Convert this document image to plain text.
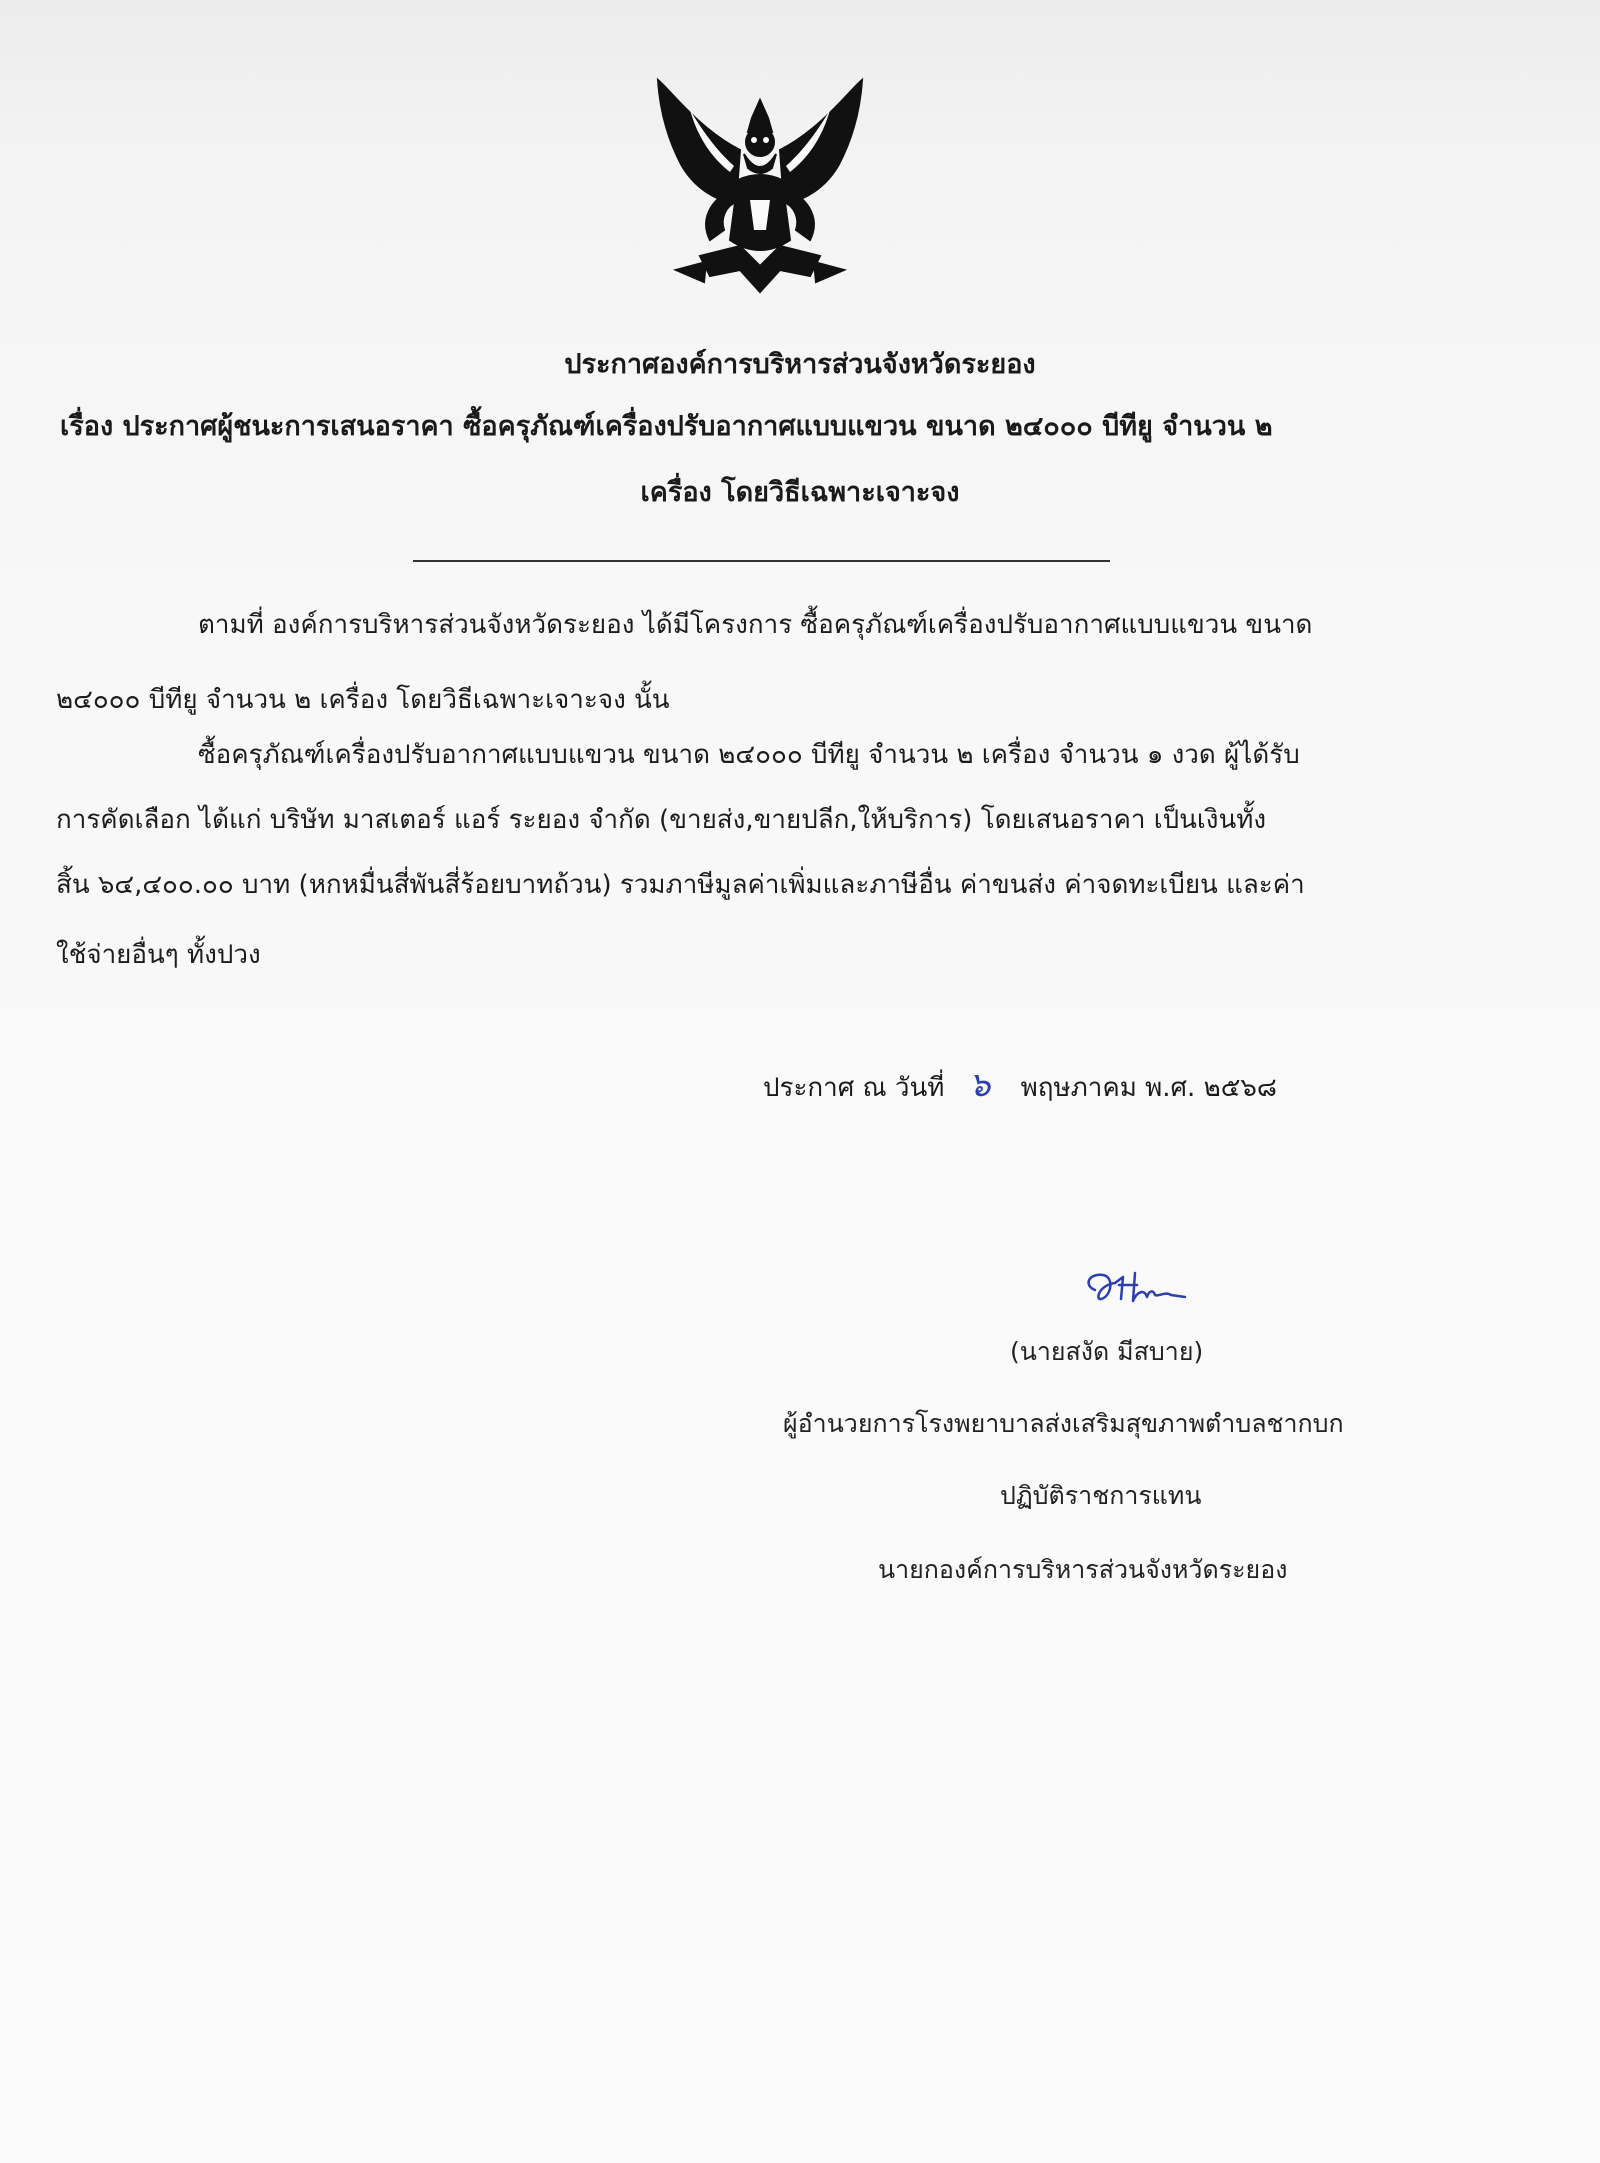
ประกาศองค์การบริหารส่วนจังหวัดระยอง
เรื่อง ประกาศผู้ชนะการเสนอราคา ซื้อครุภัณฑ์เครื่องปรับอากาศแบบแขวน ขนาด ๒๔๐๐๐ บีทียู จำนวน ๒
เครื่อง โดยวิธีเฉพาะเจาะจง
ตามที่ องค์การบริหารส่วนจังหวัดระยอง ได้มีโครงการ ซื้อครุภัณฑ์เครื่องปรับอากาศแบบแขวน ขนาด
๒๔๐๐๐ บีทียู จำนวน ๒ เครื่อง โดยวิธีเฉพาะเจาะจง นั้น
ซื้อครุภัณฑ์เครื่องปรับอากาศแบบแขวน ขนาด ๒๔๐๐๐ บีทียู จำนวน ๒ เครื่อง จำนวน ๑ งวด ผู้ได้รับ
การคัดเลือก ได้แก่ บริษัท มาสเตอร์ แอร์ ระยอง จำกัด (ขายส่ง,ขายปลีก,ให้บริการ) โดยเสนอราคา เป็นเงินทั้ง
สิ้น ๖๔,๔๐๐.๐๐ บาท (หกหมื่นสี่พันสี่ร้อยบาทถ้วน) รวมภาษีมูลค่าเพิ่มและภาษีอื่น ค่าขนส่ง ค่าจดทะเบียน และค่า
ใช้จ่ายอื่นๆ ทั้งปวง
ประกาศ ณ วันที่ ๖ พฤษภาคม พ.ศ. ๒๕๖๘
(นายสงัด มีสบาย)
ผู้อำนวยการโรงพยาบาลส่งเสริมสุขภาพตำบลชากบก
ปฏิบัติราชการแทน
นายกองค์การบริหารส่วนจังหวัดระยอง
